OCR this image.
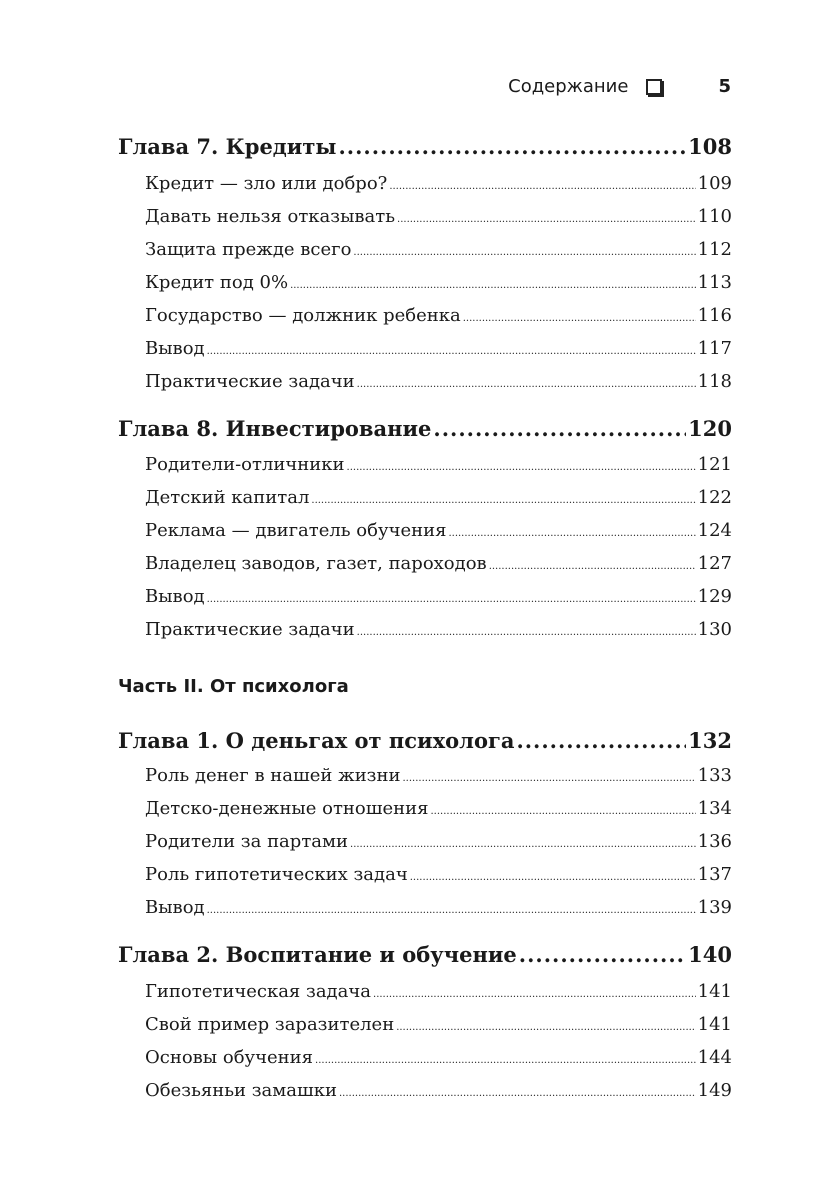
Содержание	5
Глава 7. Кредиты .....	108
Кредит — зло или добро? .....	109
Давать нельзя отказывать .....	110
Защита прежде всего .....	112
Кредит под 0% .....	113
Государство — должник ребенка .....	116
Вывод .....	117
Практические задачи .....	118
Глава 8. Инвестирование .....	120
Родители-отличники .....	121
Детский капитал .....	122
Реклама — двигатель обучения .....	124
Владелец заводов, газет, пароходов .....	127
Вывод .....	129
Практические задачи .....	130
Часть II. От психолога
Глава 1. О деньгах от психолога .....	132
Роль денег в нашей жизни .....	133
Детско-денежные отношения .....	134
Родители за партами .....	136
Роль гипотетических задач .....	137
Вывод .....	139
Глава 2. Воспитание и обучение .....	140
Гипотетическая задача .....	141
Свой пример заразителен .....	141
Основы обучения .....	144
Обезьяньи замашки .....	149
